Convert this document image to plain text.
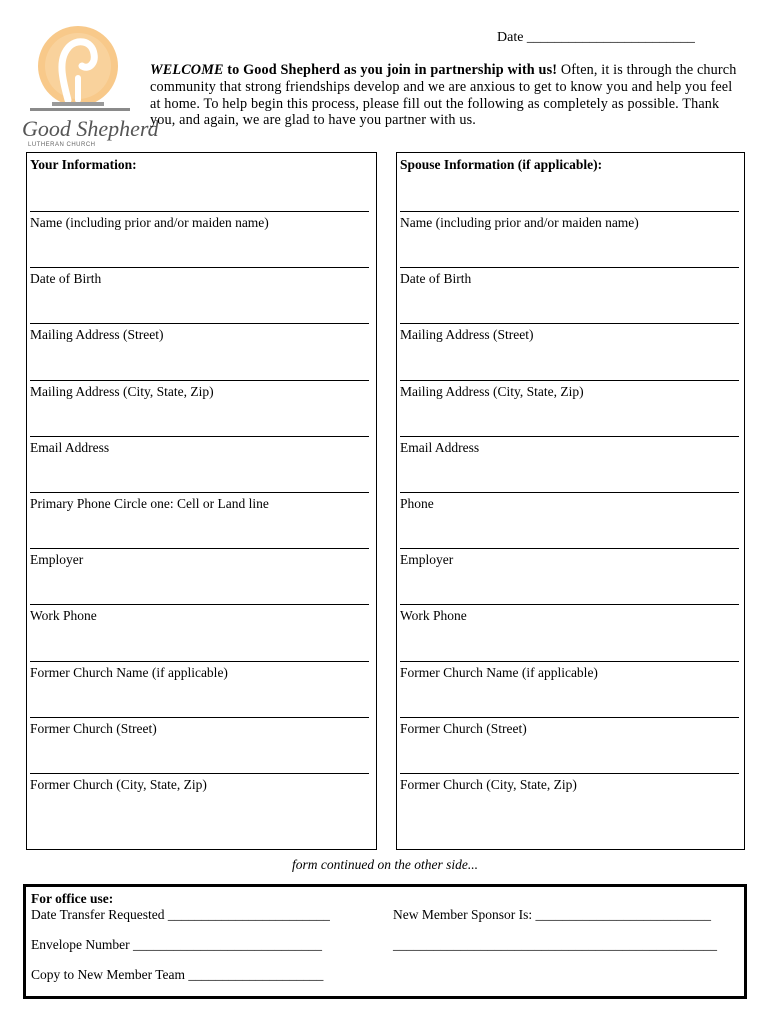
Good Shepherd
LUTHERAN CHURCH
Date ________________________
WELCOME to Good Shepherd as you join in partnership with us! Often, it is through the church community that strong friendships develop and we are anxious to get to know you and help you feel at home. To help begin this process, please fill out the following as completely as possible. Thank you, and again, we are glad to have you partner with us.
Your Information:
Name (including prior and/or maiden name)
Date of Birth
Mailing Address (Street)
Mailing Address (City, State, Zip)
Email Address
Primary Phone Circle one: Cell or Land line
Employer
Work Phone
Former Church Name (if applicable)
Former Church (Street)
Former Church (City, State, Zip)
Spouse Information (if applicable):
Name (including prior and/or maiden name)
Date of Birth
Mailing Address (Street)
Mailing Address (City, State, Zip)
Email Address
Phone
Employer
Work Phone
Former Church Name (if applicable)
Former Church (Street)
Former Church (City, State, Zip)
form continued on the other side...
For office use:
Date Transfer Requested ________________________
Envelope Number ____________________________
Copy to New Member Team ____________________
New Member Sponsor Is: __________________________
________________________________________________
